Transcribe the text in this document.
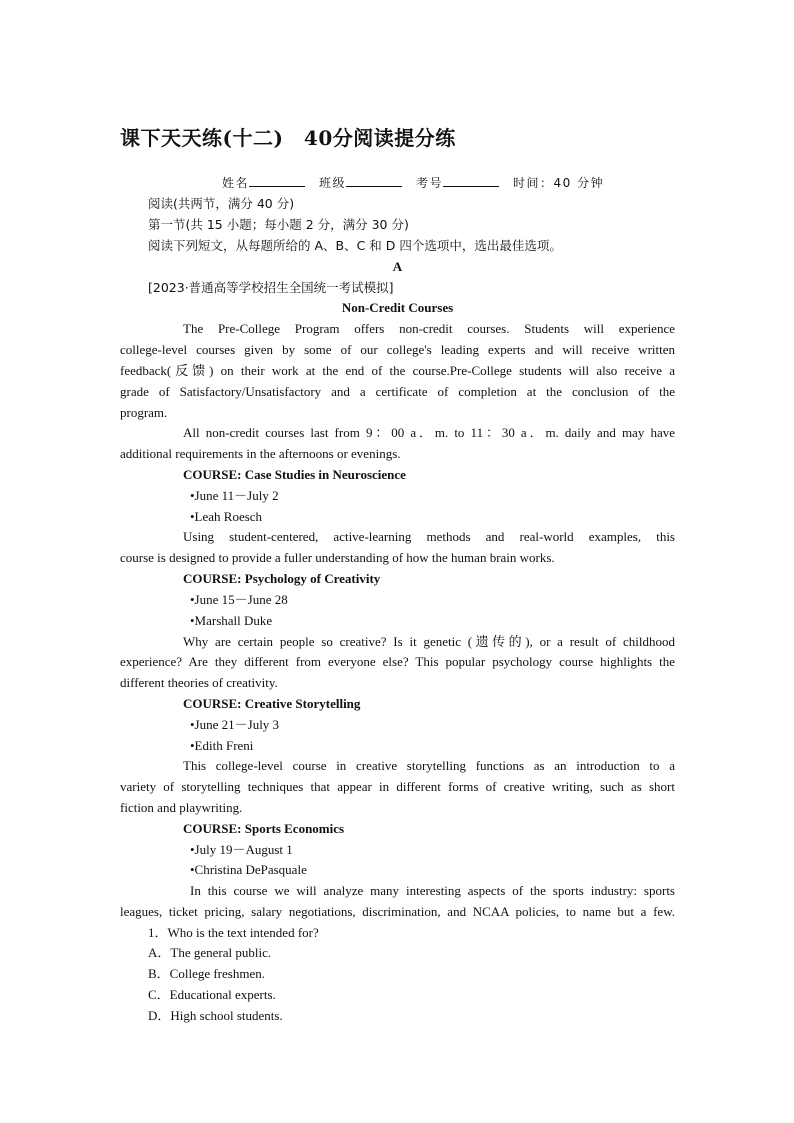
课下天天练(十二)　40分阅读提分练
姓名	班级	考号	时间：40 分钟
阅读(共两节，满分 40 分)
第一节(共 15 小题；每小题 2 分，满分 30 分)
阅读下列短文，从每题所给的 A、B、C 和 D 四个选项中，选出最佳选项。
A
[2023·普通高等学校招生全国统一考试模拟]
Non-Credit Courses
The Pre-College Program offers non-credit courses. Students will experience
college-level courses given by some of our college's leading experts and will receive written
feedback(反馈) on their work at the end of the course.Pre-College students will also receive a
grade of Satisfactory/Unsatisfactory and a certificate of completion at the conclusion of the
program.
All non-credit courses last from 9：00 a．m. to 11：30 a．m. daily and may have
additional requirements in the afternoons or evenings.
COURSE: Case Studies in Neuroscience
•June 11－July 2
•Leah Roesch
Using student-centered, active-learning methods and real-world examples, this
course is designed to provide a fuller understanding of how the human brain works.
COURSE: Psychology of Creativity
•June 15－June 28
•Marshall Duke
Why are certain people so creative? Is it genetic (遗传的), or a result of childhood
experience? Are they different from everyone else? This popular psychology course highlights the
different theories of creativity.
COURSE: Creative Storytelling
•June 21－July 3
•Edith Freni
This college-level course in creative storytelling functions as an introduction to a
variety of storytelling techniques that appear in different forms of creative writing, such as short
fiction and playwriting.
COURSE: Sports Economics
•July 19－August 1
•Christina DePasquale
In this course we will analyze many interesting aspects of the sports industry: sports
leagues, ticket pricing, salary negotiations, discrimination, and NCAA policies, to name but a few.
1．Who is the text intended for?
A．The general public.
B．College freshmen.
C．Educational experts.
D．High school students.
